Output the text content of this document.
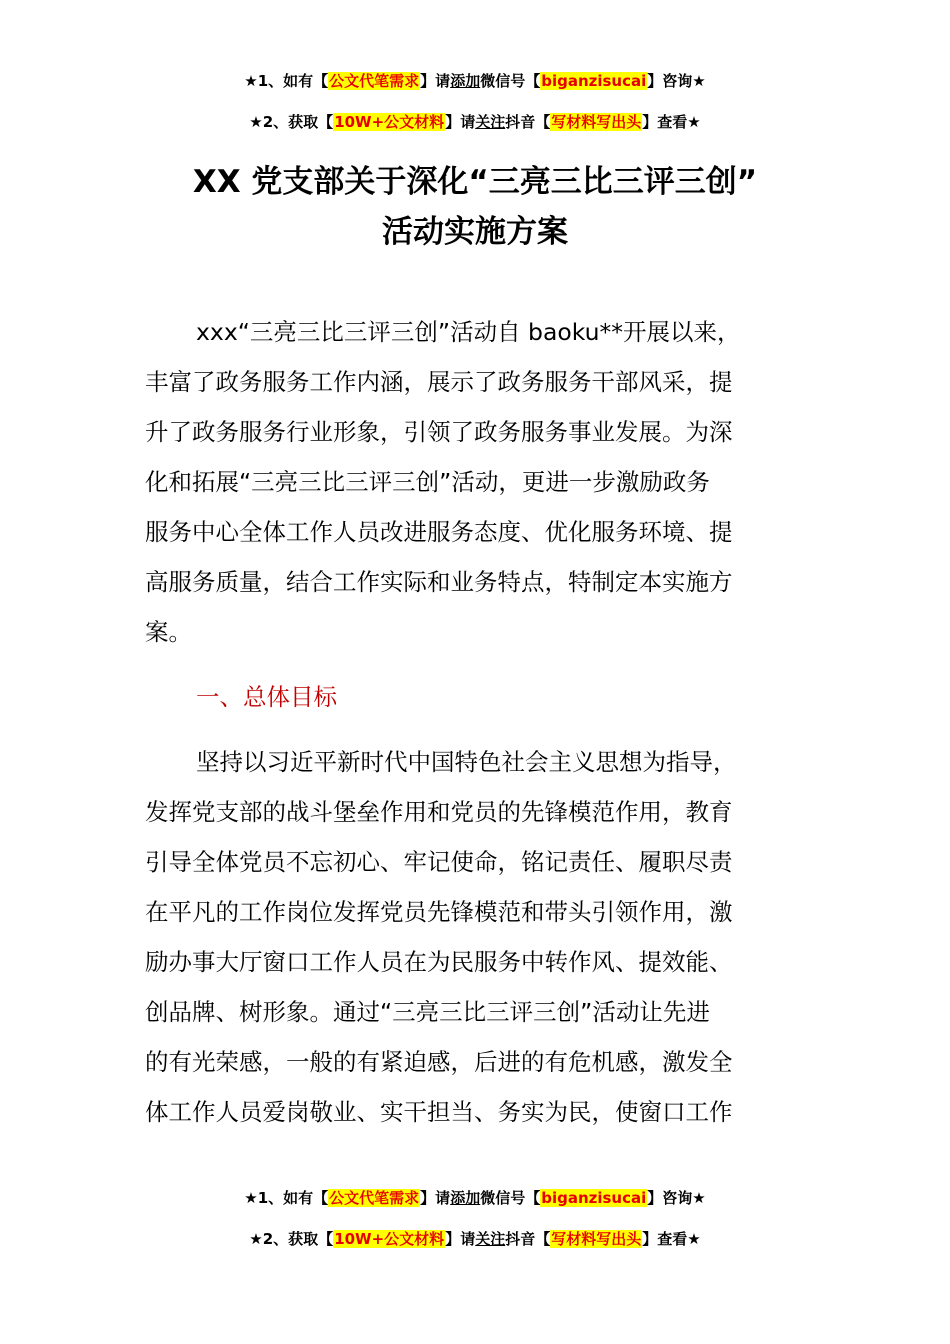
★1、如有【公文代笔需求】请添加微信号【biganzisucai】咨询★
★2、获取【10W+公文材料】请关注抖音【写材料写出头】查看★
XX 党支部关于深化“三亮三比三评三创”
活动实施方案
xxx“三亮三比三评三创”活动自 baoku**开展以来，
丰富了政务服务工作内涵，展示了政务服务干部风采，提
升了政务服务行业形象，引领了政务服务事业发展。为深
化和拓展“三亮三比三评三创”活动，更进一步激励政务
服务中心全体工作人员改进服务态度、优化服务环境、提
高服务质量，结合工作实际和业务特点，特制定本实施方
案。
一、总体目标
坚持以习近平新时代中国特色社会主义思想为指导，
发挥党支部的战斗堡垒作用和党员的先锋模范作用，教育
引导全体党员不忘初心、牢记使命，铭记责任、履职尽责
在平凡的工作岗位发挥党员先锋模范和带头引领作用，激
励办事大厅窗口工作人员在为民服务中转作风、提效能、
创品牌、树形象。通过“三亮三比三评三创”活动让先进
的有光荣感，一般的有紧迫感，后进的有危机感，激发全
体工作人员爱岗敬业、实干担当、务实为民，使窗口工作
★1、如有【公文代笔需求】请添加微信号【biganzisucai】咨询★
★2、获取【10W+公文材料】请关注抖音【写材料写出头】查看★
